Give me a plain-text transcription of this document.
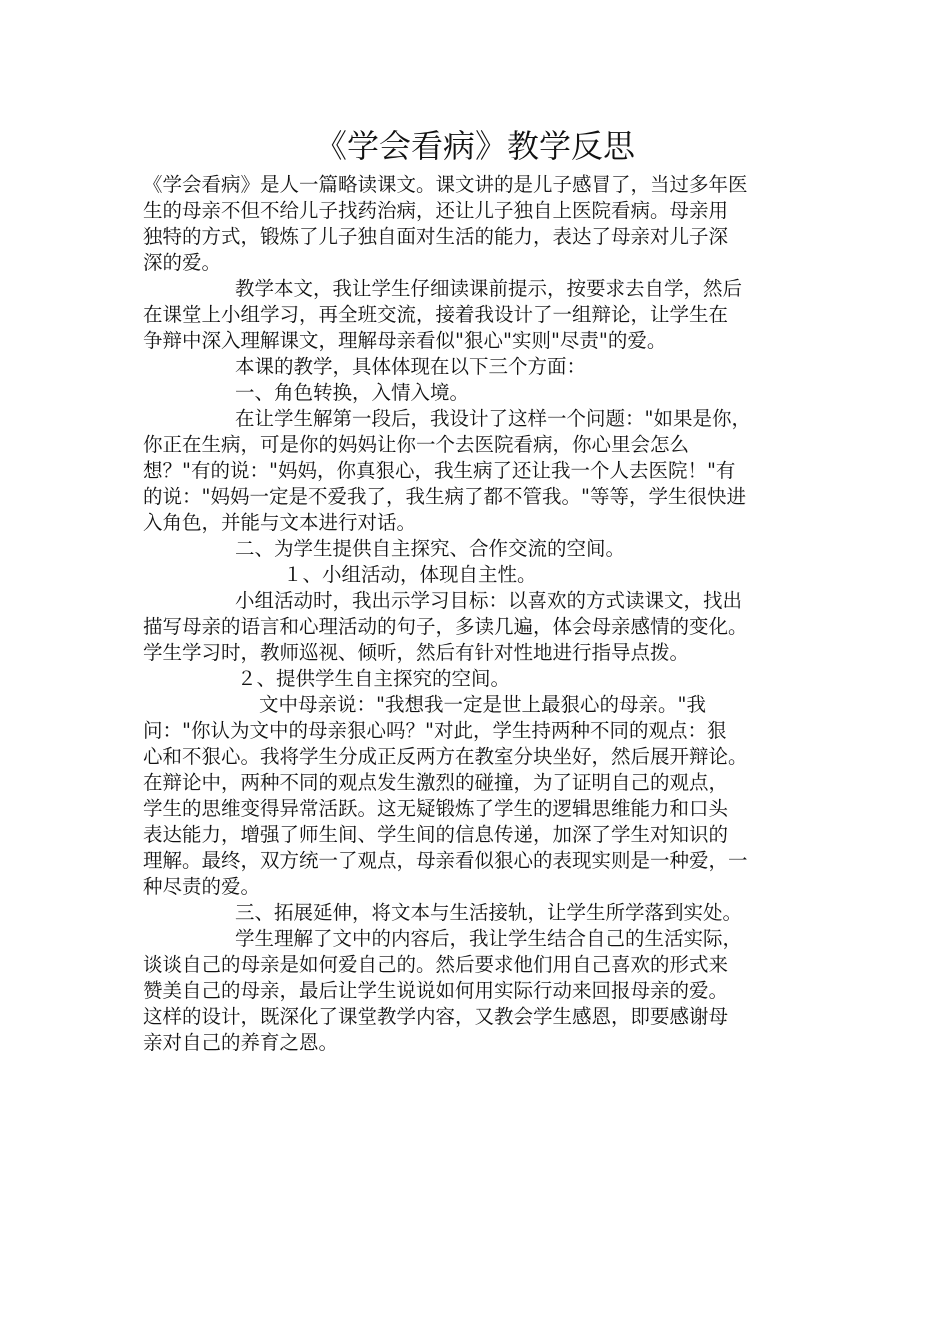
《学会看病》教学反思
《学会看病》是人一篇略读课文。课文讲的是儿子感冒了，当过多年医
生的母亲不但不给儿子找药治病，还让儿子独自上医院看病。母亲用
独特的方式，锻炼了儿子独自面对生活的能力，表达了母亲对儿子深
深的爱。
教学本文，我让学生仔细读课前提示，按要求去自学，然后
在课堂上小组学习，再全班交流，接着我设计了一组辩论，让学生在
争辩中深入理解课文，理解母亲看似"狠心"实则"尽责"的爱。
本课的教学，具体体现在以下三个方面：
一、角色转换，入情入境。
在让学生解第一段后，我设计了这样一个问题："如果是你，
你正在生病，可是你的妈妈让你一个去医院看病，你心里会怎么
想？"有的说："妈妈，你真狠心，我生病了还让我一个人去医院！"有
的说："妈妈一定是不爱我了，我生病了都不管我。"等等，学生很快进
入角色，并能与文本进行对话。
二、为学生提供自主探究、合作交流的空间。
１、小组活动，体现自主性。
小组活动时，我出示学习目标：以喜欢的方式读课文，找出
描写母亲的语言和心理活动的句子，多读几遍，体会母亲感情的变化。
学生学习时，教师巡视、倾听，然后有针对性地进行指导点拨。
２、提供学生自主探究的空间。
文中母亲说："我想我一定是世上最狠心的母亲。"我
问："你认为文中的母亲狠心吗？"对此，学生持两种不同的观点：狠
心和不狠心。我将学生分成正反两方在教室分块坐好，然后展开辩论。
在辩论中，两种不同的观点发生激烈的碰撞，为了证明自己的观点，
学生的思维变得异常活跃。这无疑锻炼了学生的逻辑思维能力和口头
表达能力，增强了师生间、学生间的信息传递，加深了学生对知识的
理解。最终，双方统一了观点，母亲看似狠心的表现实则是一种爱，一
种尽责的爱。
三、拓展延伸，将文本与生活接轨，让学生所学落到实处。
学生理解了文中的内容后，我让学生结合自己的生活实际，
谈谈自己的母亲是如何爱自己的。然后要求他们用自己喜欢的形式来
赞美自己的母亲，最后让学生说说如何用实际行动来回报母亲的爱。
这样的设计，既深化了课堂教学内容，又教会学生感恩，即要感谢母
亲对自己的养育之恩。
